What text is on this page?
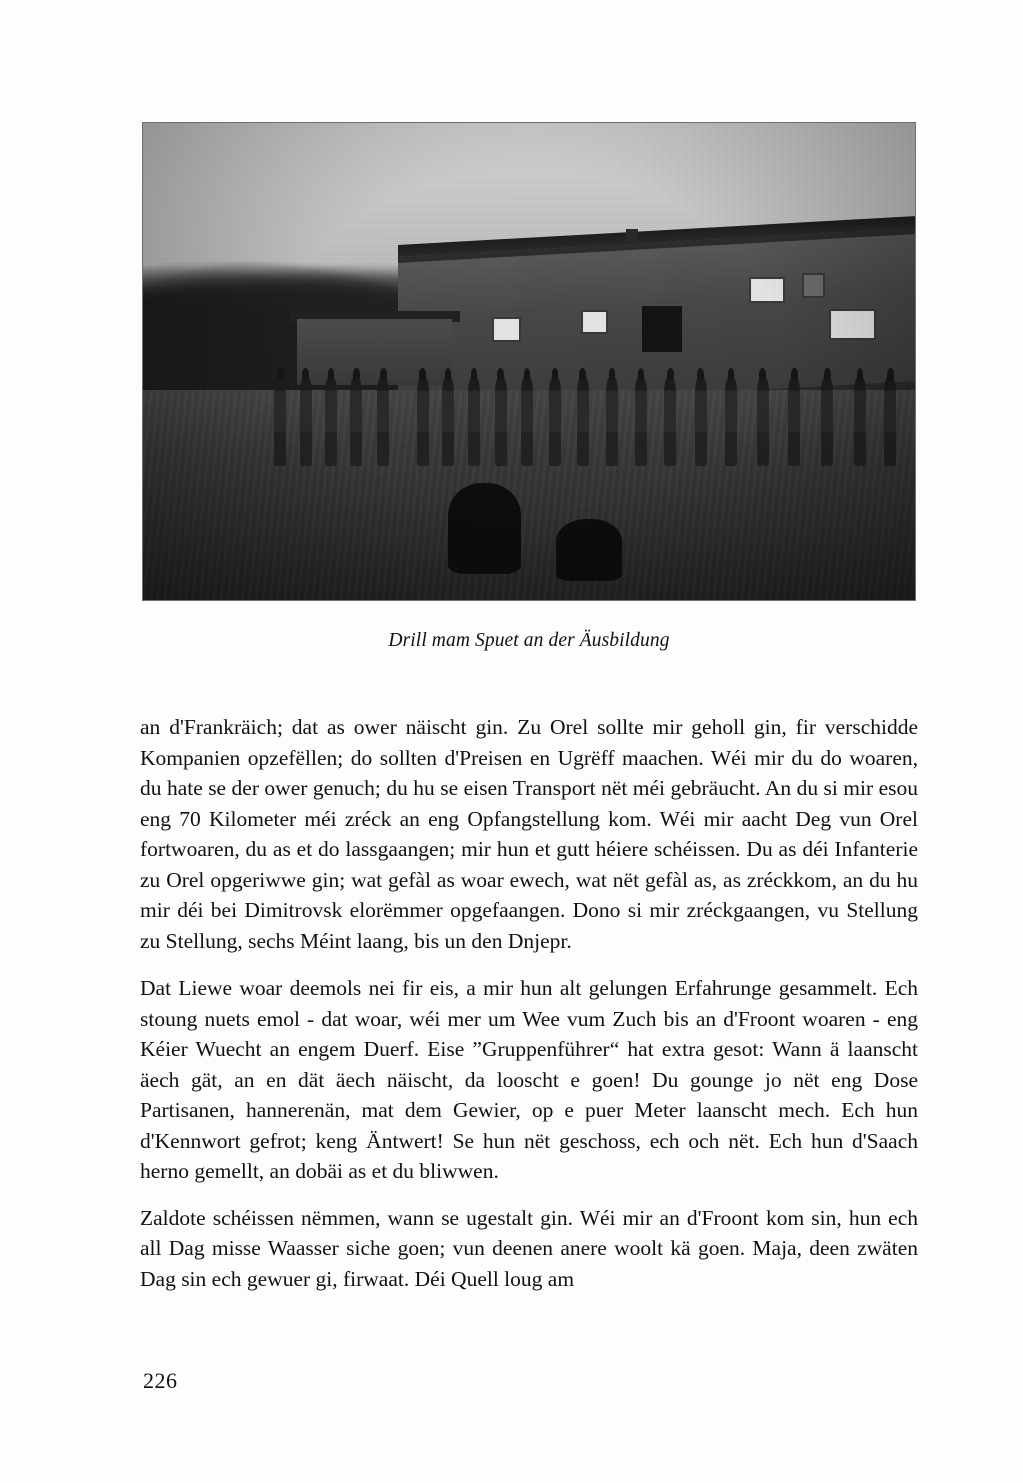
Drill mam Spuet an der Äusbildung

an d'Frankräich; dat as ower näischt gin. Zu Orel sollte mir geholl gin, fir verschidde Kompanien opzefëllen; do sollten d'Preisen en Ugrëff maachen. Wéi mir du do woaren, du hate se der ower genuch; du hu se eisen Transport nët méi gebräucht. An du si mir esou eng 70 Kilometer méi zréck an eng Opfangstellung kom. Wéi mir aacht Deg vun Orel fortwoaren, du as et do lassgaangen; mir hun et gutt héiere schéissen. Du as déi Infanterie zu Orel opgeriwwe gin; wat gefàl as woar ewech, wat nët gefàl as, as zréckkom, an du hu mir déi bei Dimitrovsk elorëmmer opgefaangen. Dono si mir zréckgaangen, vu Stellung zu Stellung, sechs Méint laang, bis un den Dnjepr.

Dat Liewe woar deemols nei fir eis, a mir hun alt gelungen Erfahrunge gesammelt. Ech stoung nuets emol - dat woar, wéi mer um Wee vum Zuch bis an d'Froont woaren - eng Kéier Wuecht an engem Duerf. Eise ”Gruppenführer“ hat extra gesot: Wann ä laanscht äech gät, an en dät äech näischt, da looscht e goen! Du gounge jo nët eng Dose Partisanen, hannerenän, mat dem Gewier, op e puer Meter laanscht mech. Ech hun d'Kennwort gefrot; keng Äntwert! Se hun nët geschoss, ech och nët. Ech hun d'Saach herno gemellt, an dobäi as et du bliwwen.

Zaldote schéissen nëmmen, wann se ugestalt gin. Wéi mir an d'Froont kom sin, hun ech all Dag misse Waasser siche goen; vun deenen anere woolt kä goen. Maja, deen zwäten Dag sin ech gewuer gi, firwaat. Déi Quell loug am

226
